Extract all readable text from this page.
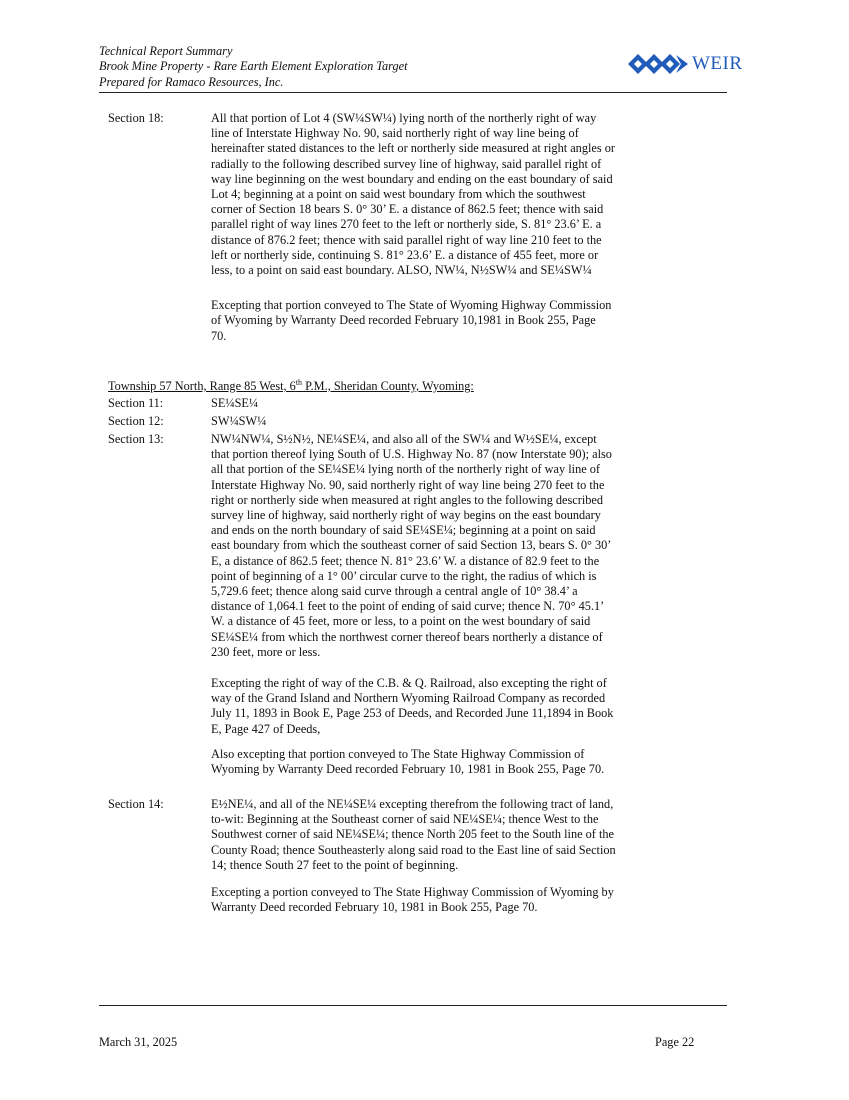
Technical Report Summary
Brook Mine Property - Rare Earth Element Exploration Target
Prepared for Ramaco Resources, Inc.
WEIR
Section 18:	All that portion of Lot 4 (SW¼SW¼) lying north of the northerly right of way
line of Interstate Highway No. 90, said northerly right of way line being of
hereinafter stated distances to the left or northerly side measured at right angles or
radially to the following described survey line of highway, said parallel right of
way line beginning on the west boundary and ending on the east boundary of said
Lot 4; beginning at a point on said west boundary from which the southwest
corner of Section 18 bears S. 0° 30’ E. a distance of 862.5 feet; thence with said
parallel right of way lines 270 feet to the left or northerly side, S. 81° 23.6’ E. a
distance of 876.2 feet; thence with said parallel right of way line 210 feet to the
left or northerly side, continuing S. 81° 23.6’ E. a distance of 455 feet, more or
less, to a point on said east boundary. ALSO, NW¼, N½SW¼ and SE¼SW¼
Excepting that portion conveyed to The State of Wyoming Highway Commission
of Wyoming by Warranty Deed recorded February 10,1981 in Book 255, Page
70.
Township 57 North, Range 85 West, 6th P.M., Sheridan County, Wyoming:
Section 11:	SE¼SE¼
Section 12:	SW¼SW¼
Section 13:	NW¼NW¼, S½N½, NE¼SE¼, and also all of the SW¼ and W½SE¼, except
that portion thereof lying South of U.S. Highway No. 87 (now Interstate 90); also
all that portion of the SE¼SE¼ lying north of the northerly right of way line of
Interstate Highway No. 90, said northerly right of way line being 270 feet to the
right or northerly side when measured at right angles to the following described
survey line of highway, said northerly right of way begins on the east boundary
and ends on the north boundary of said SE¼SE¼; beginning at a point on said
east boundary from which the southeast corner of said Section 13, bears S. 0° 30’
E, a distance of 862.5 feet; thence N. 81° 23.6’ W. a distance of 82.9 feet to the
point of beginning of a 1° 00’ circular curve to the right, the radius of which is
5,729.6 feet; thence along said curve through a central angle of 10° 38.4’ a
distance of 1,064.1 feet to the point of ending of said curve; thence N. 70° 45.1’
W. a distance of 45 feet, more or less, to a point on the west boundary of said
SE¼SE¼ from which the northwest corner thereof bears northerly a distance of
230 feet, more or less.
Excepting the right of way of the C.B. & Q. Railroad, also excepting the right of
way of the Grand Island and Northern Wyoming Railroad Company as recorded
July 11, 1893 in Book E, Page 253 of Deeds, and Recorded June 11,1894 in Book
E, Page 427 of Deeds,
Also excepting that portion conveyed to The State Highway Commission of
Wyoming by Warranty Deed recorded February 10, 1981 in Book 255, Page 70.
Section 14:	E½NE¼, and all of the NE¼SE¼ excepting therefrom the following tract of land,
to-wit: Beginning at the Southeast corner of said NE¼SE¼; thence West to the
Southwest corner of said NE¼SE¼; thence North 205 feet to the South line of the
County Road; thence Southeasterly along said road to the East line of said Section
14; thence South 27 feet to the point of beginning.
Excepting a portion conveyed to The State Highway Commission of Wyoming by
Warranty Deed recorded February 10, 1981 in Book 255, Page 70.
March 31, 2025	Page 22
